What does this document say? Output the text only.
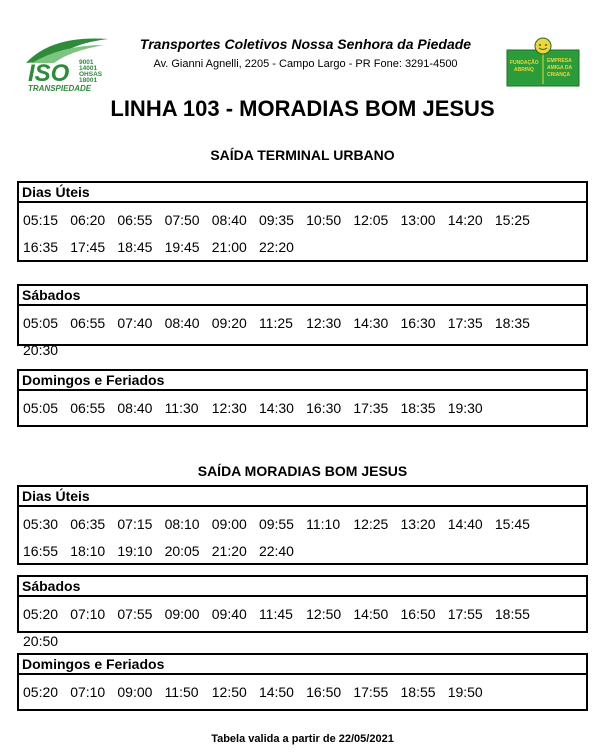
ISO 9001
14001
OHSAS
18001
TRANSPIEDADE
Transportes Coletivos Nossa Senhora da Piedade
Av. Gianni Agnelli, 2205 - Campo Largo - PR Fone: 3291-4500	FUNDAÇÃO
ABRINQ
EMPRESA
AMIGA DA
CRIANÇA
LINHA 103 - MORADIAS BOM JESUS
SAÍDA TERMINAL URBANO
Dias Úteis
05:15 06:20 06:55 07:50 08:40 09:35 10:50 12:05 13:00 14:20 15:25
16:35 17:45 18:45 19:45 21:00 22:20
Sábados
05:05 06:55 07:40 08:40 09:20 11:25 12:30 14:30 16:30 17:35 18:35
20:30
Domingos e Feriados
05:05 06:55 08:40 11:30 12:30 14:30 16:30 17:35 18:35 19:30
SAÍDA MORADIAS BOM JESUS
Dias Úteis
05:30 06:35 07:15 08:10 09:00 09:55 11:10 12:25 13:20 14:40 15:45
16:55 18:10 19:10 20:05 21:20 22:40
Sábados
05:20 07:10 07:55 09:00 09:40 11:45 12:50 14:50 16:50 17:55 18:55
20:50
Domingos e Feriados
05:20 07:10 09:00 11:50 12:50 14:50 16:50 17:55 18:55 19:50
Tabela valida a partir de 22/05/2021
